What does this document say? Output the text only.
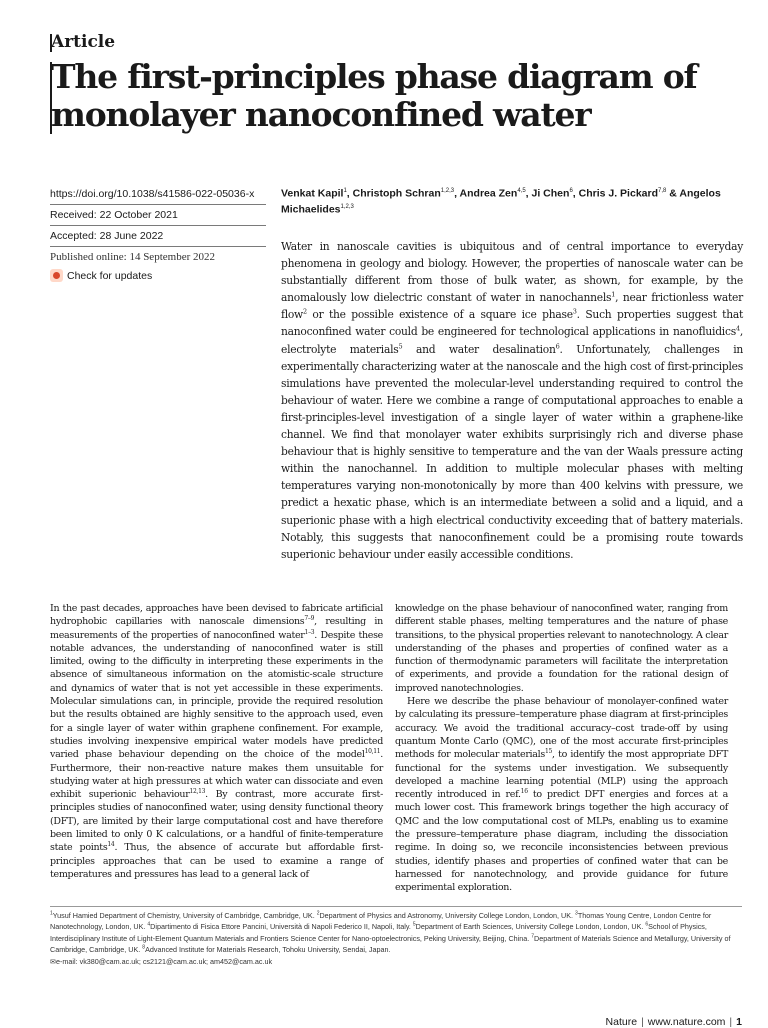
Article
The first-principles phase diagram of monolayer nanoconfined water
https://doi.org/10.1038/s41586-022-05036-x
Received: 22 October 2021
Accepted: 28 June 2022
Published online: 14 September 2022
Check for updates
Venkat Kapil$^1$, Christoph Schran$^{1,2,3}$, Andrea Zen$^{4,5}$, Ji Chen$^6$, Chris J. Pickard$^{7,8}$ & Angelos Michaelides$^{1,2,3}$
Water in nanoscale cavities is ubiquitous and of central importance to everyday phenomena in geology and biology. However, the properties of nanoscale water can be substantially different from those of bulk water, as shown, for example, by the anomalously low dielectric constant of water in nanochannels$^1$, near frictionless water flow$^2$ or the possible existence of a square ice phase$^3$. Such properties suggest that nanoconfined water could be engineered for technological applications in nanofluidics$^4$, electrolyte materials$^5$ and water desalination$^6$. Unfortunately, challenges in experimentally characterizing water at the nanoscale and the high cost of first-principles simulations have prevented the molecular-level understanding required to control the behaviour of water. Here we combine a range of computational approaches to enable a first-principles-level investigation of a single layer of water within a graphene-like channel. We find that monolayer water exhibits surprisingly rich and diverse phase behaviour that is highly sensitive to temperature and the van der Waals pressure acting within the nanochannel. In addition to multiple molecular phases with melting temperatures varying non-monotonically by more than 400 kelvins with pressure, we predict a hexatic phase, which is an intermediate between a solid and a liquid, and a superionic phase with a high electrical conductivity exceeding that of battery materials. Notably, this suggests that nanoconfinement could be a promising route towards superionic behaviour under easily accessible conditions.

In the past decades, approaches have been devised to fabricate artificial hydrophobic capillaries with nanoscale dimensions$^{7-9}$, resulting in measurements of the properties of nanoconfined water$^{1-3}$. Despite these notable advances, the understanding of nanoconfined water is still limited, owing to the difficulty in interpreting these experiments in the absence of simultaneous information on the atomistic-scale structure and dynamics of water that is not yet accessible in these experiments. Molecular simulations can, in principle, provide the required resolution but the results obtained are highly sensitive to the approach used, even for a single layer of water within graphene confinement. For example, studies involving inexpensive empirical water models have predicted varied phase behaviour depending on the choice of the model$^{10,11}$. Furthermore, their non-reactive nature makes them unsuitable for studying water at high pressures at which water can dissociate and even exhibit superionic behaviour$^{12,13}$. By contrast, more accurate first-principles studies of nanoconfined water, using density functional theory (DFT), are limited by their large computational cost and have therefore been limited to only 0 K calculations, or a handful of finite-temperature state points$^{14}$. Thus, the absence of accurate but affordable first-principles approaches that can be used to examine a range of temperatures and pressures has lead to a general lack of

knowledge on the phase behaviour of nanoconfined water, ranging from different stable phases, melting temperatures and the nature of phase transitions, to the physical properties relevant to nanotechnology. A clear understanding of the phases and properties of confined water as a function of thermodynamic parameters will facilitate the interpretation of experiments, and provide a foundation for the rational design of improved nanotechnologies.

Here we describe the phase behaviour of monolayer-confined water by calculating its pressure–temperature phase diagram at first-principles accuracy. We avoid the traditional accuracy–cost trade-off by using quantum Monte Carlo (QMC), one of the most accurate first-principles methods for molecular materials$^{15}$, to identify the most appropriate DFT functional for the systems under investigation. We subsequently developed a machine learning potential (MLP) using the approach recently introduced in ref.$^{16}$ to predict DFT energies and forces at a much lower cost. This framework brings together the high accuracy of QMC and the low computational cost of MLPs, enabling us to examine the pressure–temperature phase diagram, including the dissociation regime. In doing so, we reconcile inconsistencies between previous studies, identify phases and properties of confined water that can be harnessed for nanotechnology, and provide guidance for future experimental exploration.

$^1$Yusuf Hamied Department of Chemistry, University of Cambridge, Cambridge, UK. $^2$Department of Physics and Astronomy, University College London, London, UK. $^3$Thomas Young Centre, London Centre for Nanotechnology, London, UK. $^4$Dipartimento di Fisica Ettore Pancini, Università di Napoli Federico II, Napoli, Italy. $^5$Department of Earth Sciences, University College London, London, UK. $^6$School of Physics, Interdisciplinary Institute of Light-Element Quantum Materials and Frontiers Science Center for Nano-optoelectronics, Peking University, Beijing, China. $^7$Department of Materials Science and Metallurgy, University of Cambridge, Cambridge, UK. $^8$Advanced Institute for Materials Research, Tohoku University, Sendai, Japan.
✉e-mail: vk380@cam.ac.uk; cs2121@cam.ac.uk; am452@cam.ac.uk
Nature | www.nature.com | 1
